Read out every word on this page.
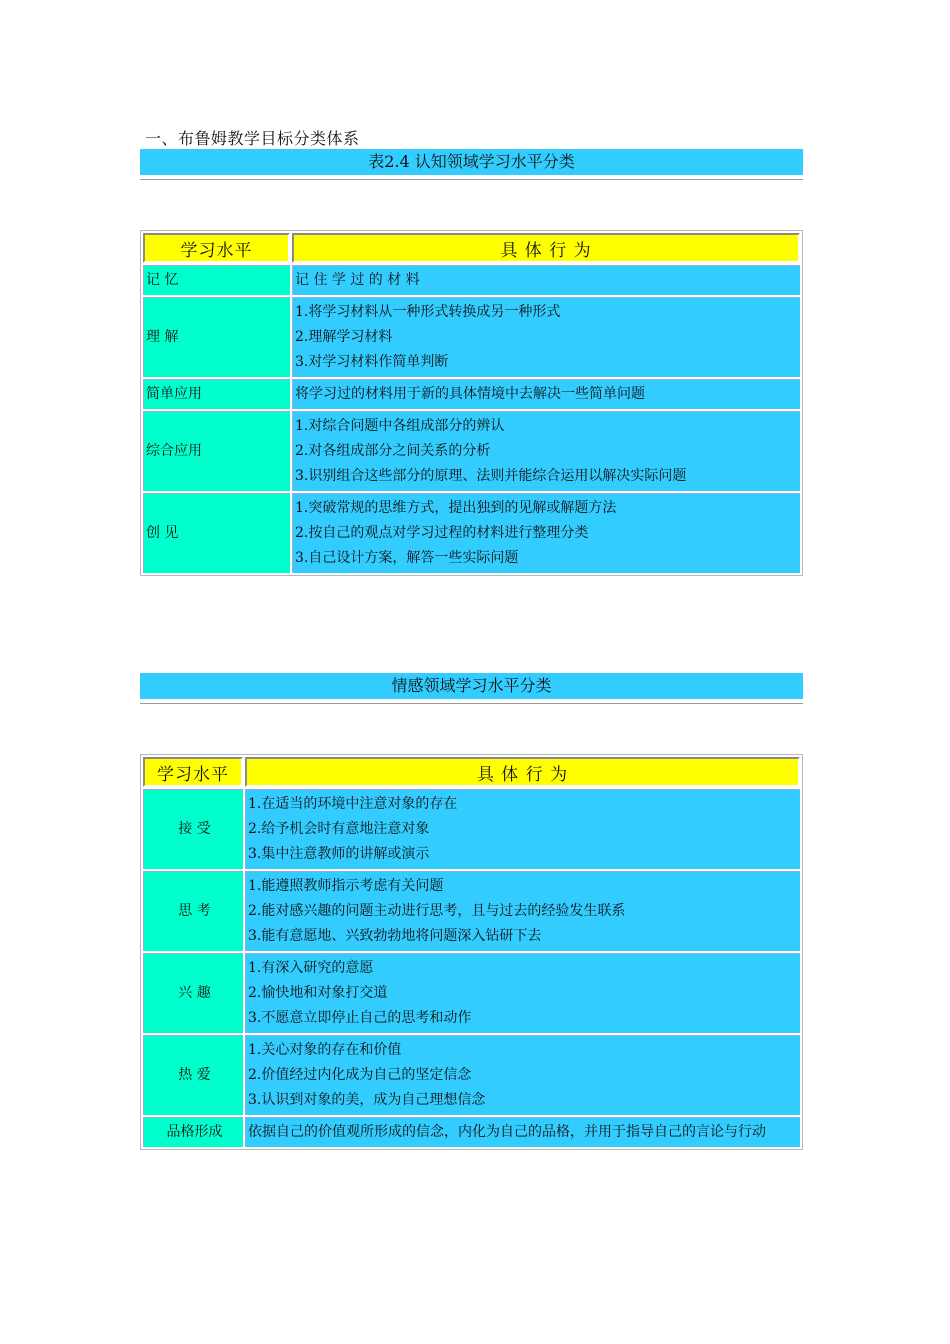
一、布鲁姆教学目标分类体系
表2.4 认知领域学习水平分类
学习水平	具 体 行 为
记 忆	记 住 学 过 的 材 料

理 解	1.将学习材料从一种形式转换成另一种形式
2.理解学习材料
3.对学习材料作简单判断

简单应用	将学习过的材料用于新的具体情境中去解决一些简单问题

综合应用	1.对综合问题中各组成部分的辨认
2.对各组成部分之间关系的分析
3.识别组合这些部分的原理、法则并能综合运用以解决实际问题

创 见	1.突破常规的思维方式，提出独到的见解或解题方法
2.按自己的观点对学习过程的材料进行整理分类
3.自己设计方案，解答一些实际问题
情感领域学习水平分类
学习水平	具 体 行 为
接 受	1.在适当的环境中注意对象的存在
2.给予机会时有意地注意对象
3.集中注意教师的讲解或演示

思 考	1.能遵照教师指示考虑有关问题
2.能对感兴趣的问题主动进行思考，且与过去的经验发生联系
3.能有意愿地、兴致勃勃地将问题深入钻研下去

兴 趣	1.有深入研究的意愿
2.愉快地和对象打交道
3.不愿意立即停止自己的思考和动作

热 爱	1.关心对象的存在和价值
2.价值经过内化成为自己的坚定信念
3.认识到对象的美，成为自己理想信念

品格形成	依据自己的价值观所形成的信念，内化为自己的品格，并用于指导自己的言论与行动
